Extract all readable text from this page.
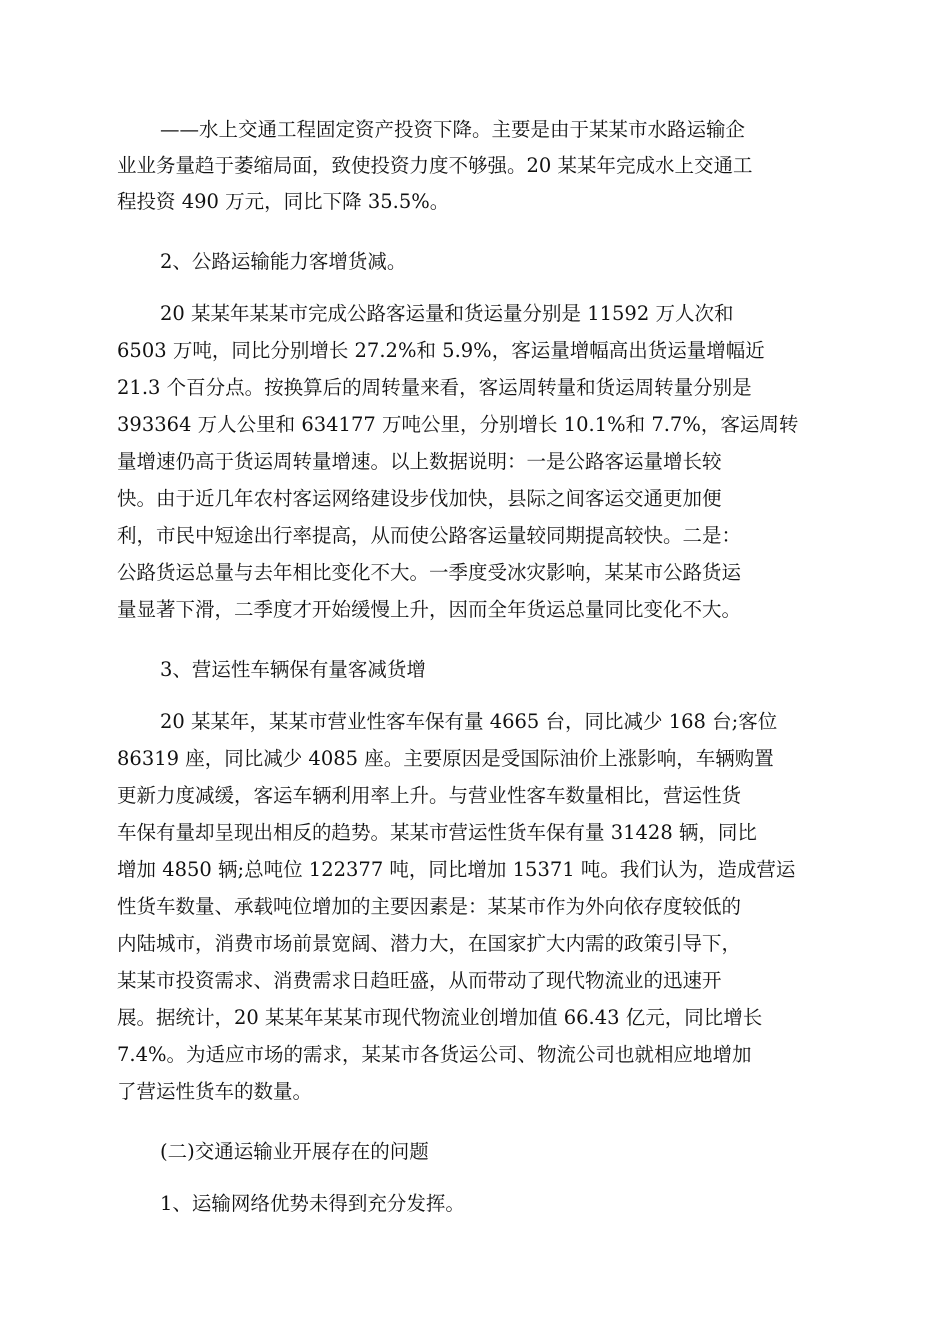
——水上交通工程固定资产投资下降。主要是由于某某市水路运输企

业业务量趋于萎缩局面，致使投资力度不够强。20 某某年完成水上交通工

程投资 490 万元，同比下降 35.5%。

2、公路运输能力客增货减。

20 某某年某某市完成公路客运量和货运量分别是 11592 万人次和

6503 万吨，同比分别增长 27.2%和 5.9%，客运量增幅高出货运量增幅近

21.3 个百分点。按换算后的周转量来看，客运周转量和货运周转量分别是

393364 万人公里和 634177 万吨公里，分别增长 10.1%和 7.7%，客运周转

量增速仍高于货运周转量增速。以上数据说明：一是公路客运量增长较

快。由于近几年农村客运网络建设步伐加快，县际之间客运交通更加便

利，市民中短途出行率提高，从而使公路客运量较同期提高较快。二是：

公路货运总量与去年相比变化不大。一季度受冰灾影响，某某市公路货运

量显著下滑，二季度才开始缓慢上升，因而全年货运总量同比变化不大。

3、营运性车辆保有量客减货增

20 某某年，某某市营业性客车保有量 4665 台，同比减少 168 台;客位

86319 座，同比减少 4085 座。主要原因是受国际油价上涨影响，车辆购置

更新力度减缓，客运车辆利用率上升。与营业性客车数量相比，营运性货

车保有量却呈现出相反的趋势。某某市营运性货车保有量 31428 辆，同比

增加 4850 辆;总吨位 122377 吨，同比增加 15371 吨。我们认为，造成营运

性货车数量、承载吨位增加的主要因素是：某某市作为外向依存度较低的

内陆城市，消费市场前景宽阔、潜力大，在国家扩大内需的政策引导下，

某某市投资需求、消费需求日趋旺盛，从而带动了现代物流业的迅速开

展。据统计，20 某某年某某市现代物流业创增加值 66.43 亿元，同比增长

7.4%。为适应市场的需求，某某市各货运公司、物流公司也就相应地增加

了营运性货车的数量。

(二)交通运输业开展存在的问题

1、运输网络优势未得到充分发挥。
